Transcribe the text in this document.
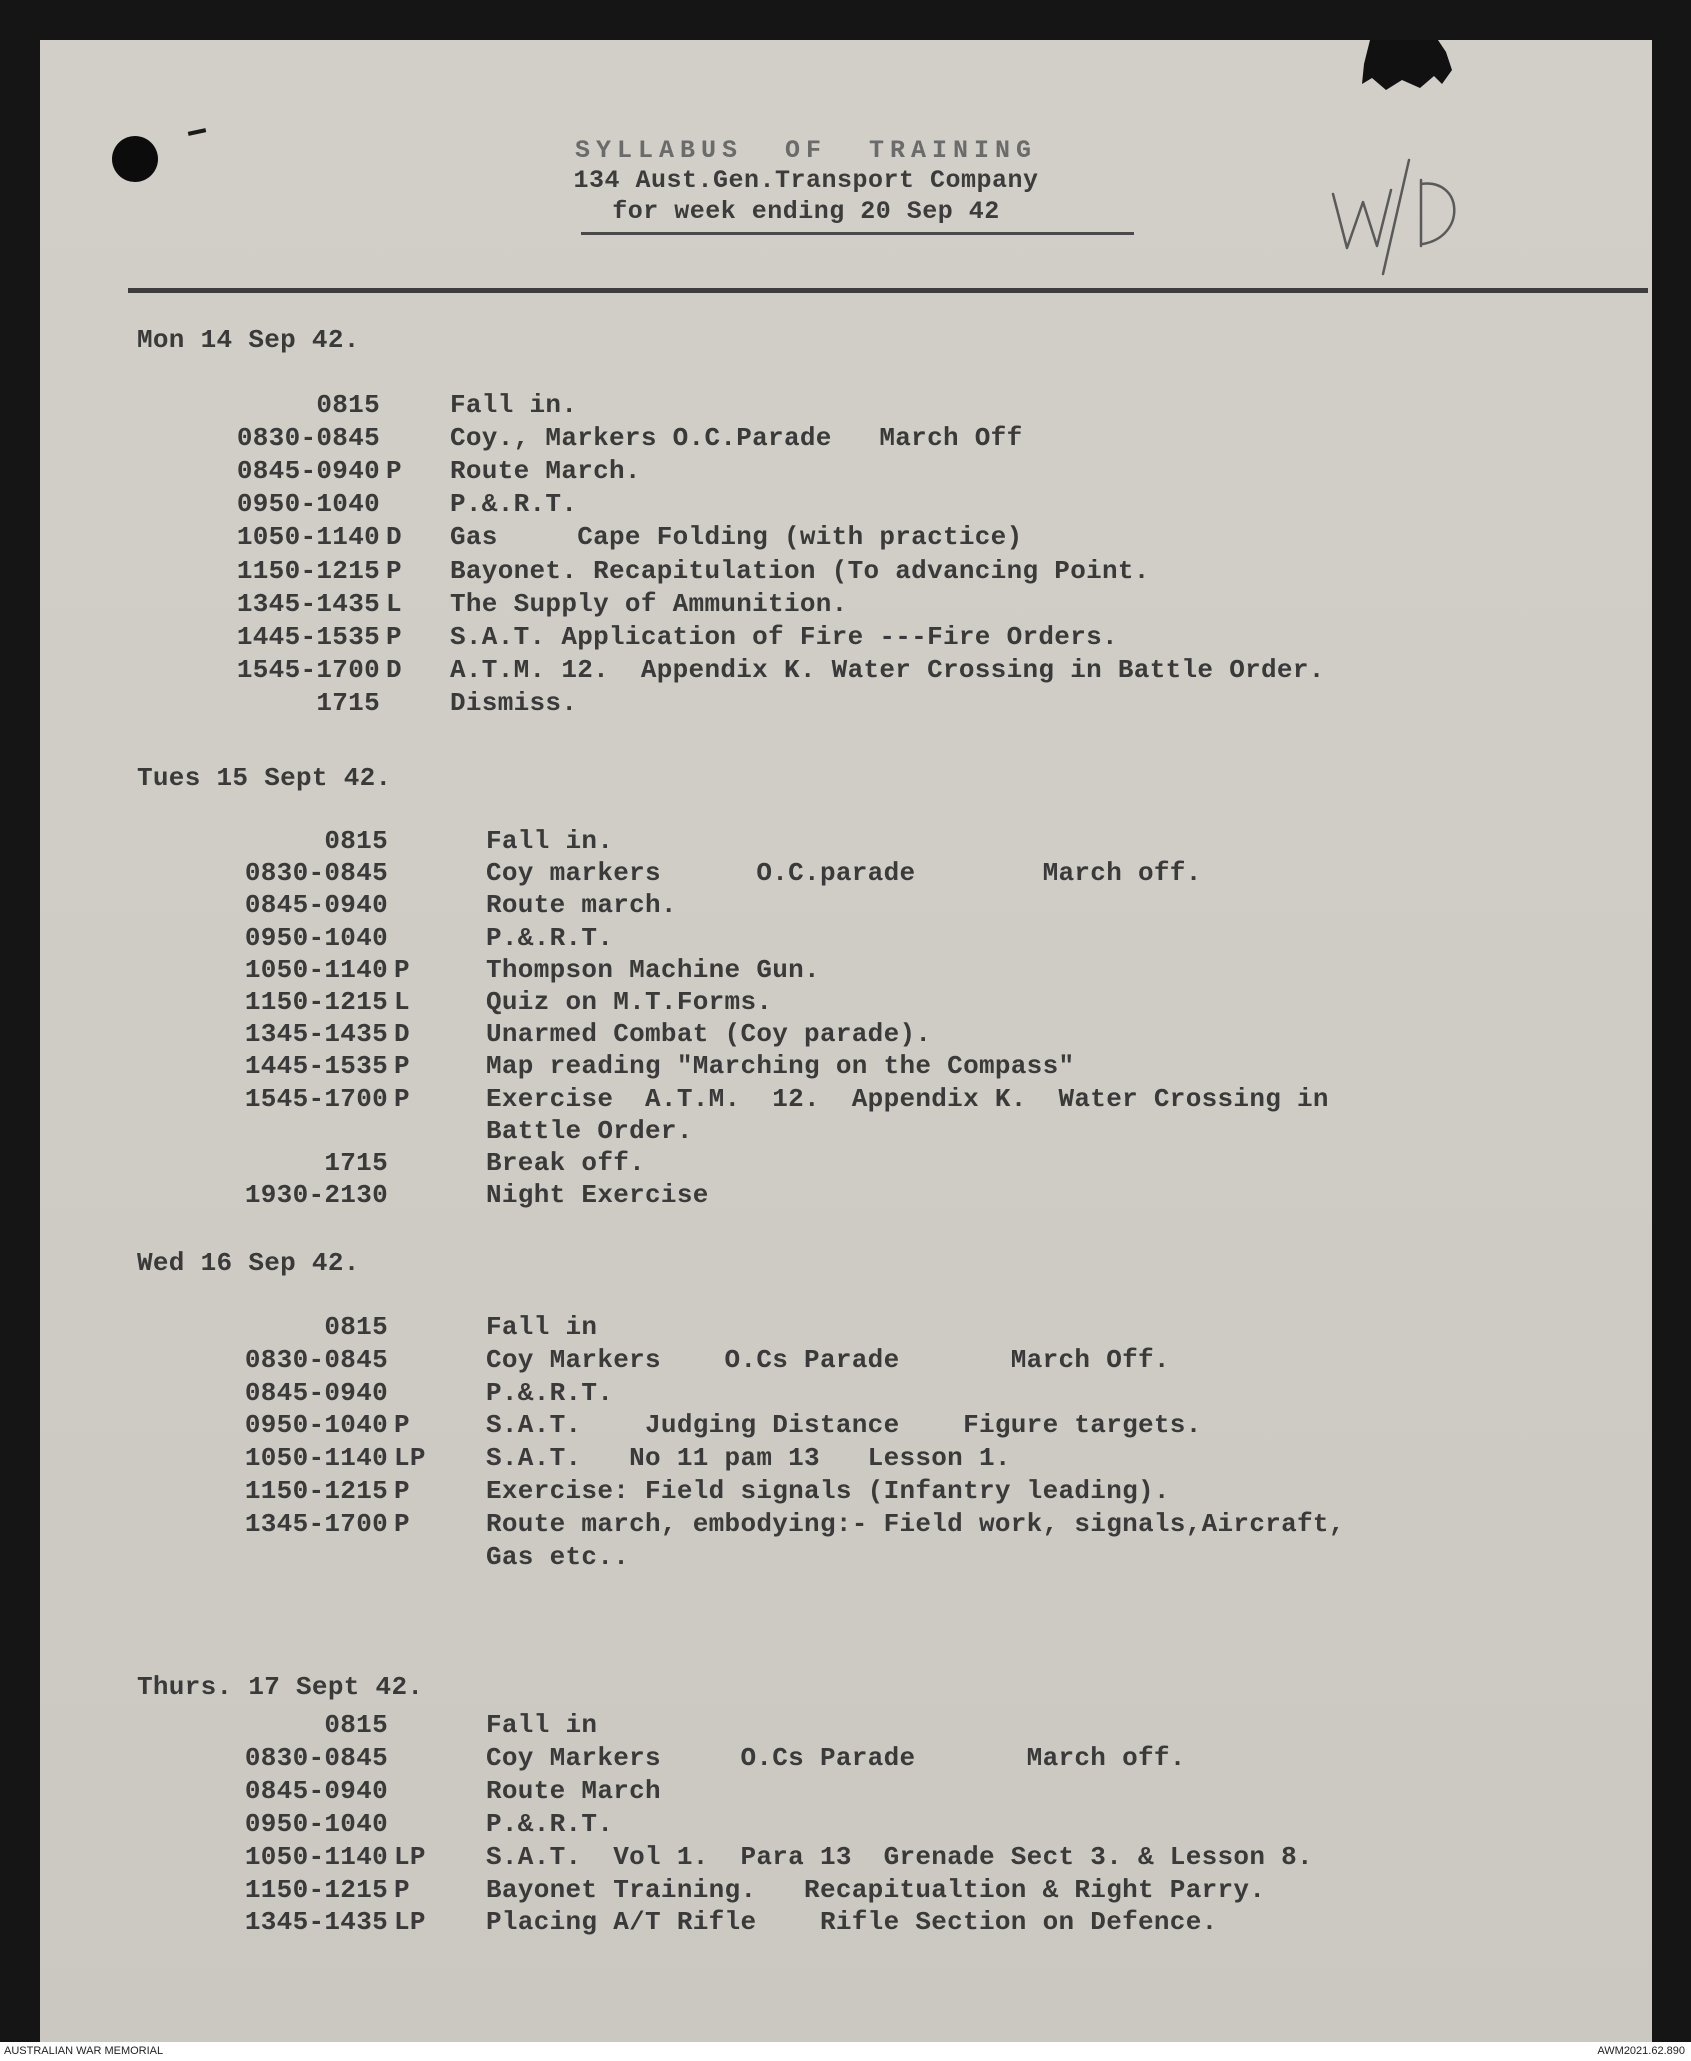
SYLLABUS  OF  TRAINING
134 Aust.Gen.Transport Company
for week ending 20 Sep 42
Mon 14 Sep 42.
0815	Fall in.
0830-0845	Coy., Markers O.C.Parade   March Off
0845-0940 P	Route March.
0950-1040	P.&.R.T.
1050-1140 D	Gas     Cape Folding (with practice)
1150-1215 P	Bayonet. Recapitulation (To advancing Point.
1345-1435 L	The Supply of Ammunition.
1445-1535 P	S.A.T. Application of Fire ---Fire Orders.
1545-1700 D	A.T.M. 12.  Appendix K. Water Crossing in Battle Order.
1715	Dismiss.
Tues 15 Sept 42.
0815	Fall in.
0830-0845	Coy markers      O.C.parade        March off.
0845-0940	Route march.
0950-1040	P.&.R.T.
1050-1140 P	Thompson Machine Gun.
1150-1215 L	Quiz on M.T.Forms.
1345-1435 D	Unarmed Combat (Coy parade).
1445-1535 P	Map reading "Marching on the Compass"
1545-1700 P	Exercise  A.T.M.  12.  Appendix K.  Water Crossing in
Battle Order.
1715	Break off.
1930-2130	Night Exercise
Wed 16 Sep 42.
0815	Fall in
0830-0845	Coy Markers    O.Cs Parade       March Off.
0845-0940	P.&.R.T.
0950-1040 P	S.A.T.    Judging Distance    Figure targets.
1050-1140 LP	S.A.T.   No 11 pam 13   Lesson 1.
1150-1215 P	Exercise: Field signals (Infantry leading).
1345-1700 P	Route march, embodying:- Field work, signals,Aircraft,
Gas etc..
Thurs. 17 Sept 42.
0815	Fall in
0830-0845	Coy Markers     O.Cs Parade       March off.
0845-0940	Route March
0950-1040	P.&.R.T.
1050-1140 LP	S.A.T.  Vol 1.  Para 13  Grenade Sect 3. & Lesson 8.
1150-1215 P	Bayonet Training.   Recapitualtion & Right Parry.
1345-1435 LP	Placing A/T Rifle    Rifle Section on Defence.
AUSTRALIAN WAR MEMORIAL	AWM2021.62.890
